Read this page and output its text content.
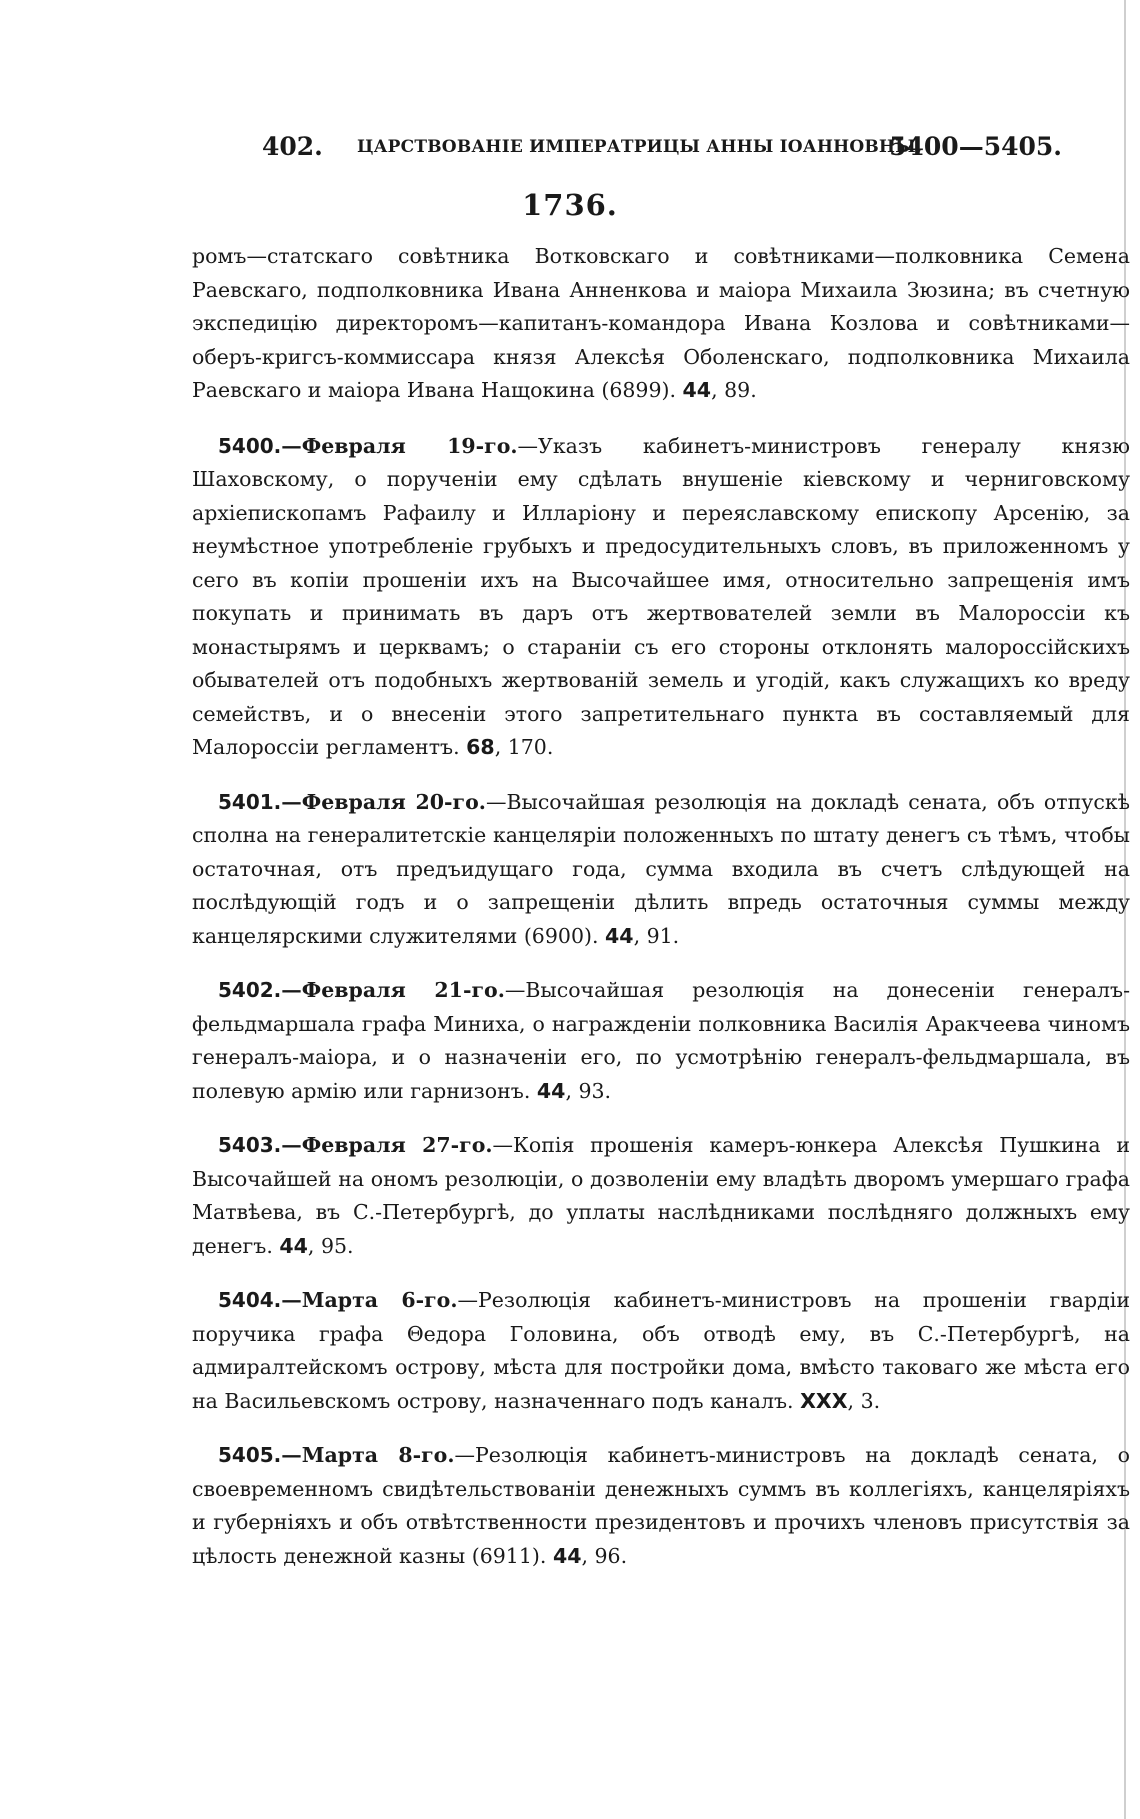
402. ЦАРСТВОВАНIЕ ИМПЕРАТРИЦЫ АННЫ IОАННОВНЫ.
5400—5405.
1736.

ромъ—статскаго совѣтника Вотковскаго и совѣтниками—полковника Семена Раевскаго, подполковника Ивана Анненкова и маiора Михаила Зюзина; въ счетную экспедицiю директоромъ—капитанъ-командора Ивана Козлова и совѣтниками—оберъ-кригсъ-коммиссара князя Алексѣя Оболенскаго, подполковника Михаила Раевскаго и маiора Ивана Нащокина (6899). 44, 89.

5400.—Февраля 19-го.—Указъ кабинетъ-министровъ генералу князю Шаховскому, о порученiи ему сдѣлать внушенiе кiевскому и черниговскому архiепископамъ Рафаилу и Илларiону и переяславскому епископу Арсенiю, за неумѣстное употребленiе грубыхъ и предосудительныхъ словъ, въ приложенномъ у сего въ копiи прошенiи ихъ на Высочайшее имя, относительно запрещенiя имъ покупать и принимать въ даръ отъ жертвователей земли въ Малороссiи къ монастырямъ и церквамъ; о старанiи съ его стороны отклонять малороссiйскихъ обывателей отъ подобныхъ жертвованiй земель и угодiй, какъ служащихъ ко вреду семействъ, и о внесенiи этого запретительнаго пункта въ составляемый для Малороссiи регламентъ. 68, 170.

5401.—Февраля 20-го.—Высочайшая резолюцiя на докладѣ сената, объ отпускѣ сполна на генералитетскiе канцелярiи положенныхъ по штату денегъ съ тѣмъ, чтобы остаточная, отъ предъидущаго года, сумма входила въ счетъ слѣдующей на послѣдующiй годъ и о запрещенiи дѣлить впредь остаточныя суммы между канцелярскими служителями (6900). 44, 91.

5402.—Февраля 21-го.—Высочайшая резолюцiя на донесенiи генералъ-фельдмаршала графа Миниха, о награжденiи полковника Василiя Аракчеева чиномъ генералъ-маiора, и о назначенiи его, по усмотрѣнiю генералъ-фельдмаршала, въ полевую армiю или гарнизонъ. 44, 93.

5403.—Февраля 27-го.—Копiя прошенiя камеръ-юнкера Алексѣя Пушкина и Высочайшей на ономъ резолюцiи, о дозволенiи ему владѣть дворомъ умершаго графа Матвѣева, въ С.-Петербургѣ, до уплаты наслѣдниками послѣдняго должныхъ ему денегъ. 44, 95.

5404.—Марта 6-го.—Резолюцiя кабинетъ-министровъ на прошенiи гвардiи поручика графа Θедора Головина, объ отводѣ ему, въ С.-Петербургѣ, на адмиралтейскомъ острову, мѣста для постройки дома, вмѣсто таковаго же мѣста его на Васильевскомъ острову, назначеннаго подъ каналъ. XXX, 3.

5405.—Марта 8-го.—Резолюцiя кабинетъ-министровъ на докладѣ сената, о своевременномъ свидѣтельствованiи денежныхъ суммъ въ коллегiяхъ, канцелярiяхъ и губернiяхъ и объ отвѣтственности президентовъ и прочихъ членовъ присутствiя за цѣлость денежной казны (6911). 44, 96.
